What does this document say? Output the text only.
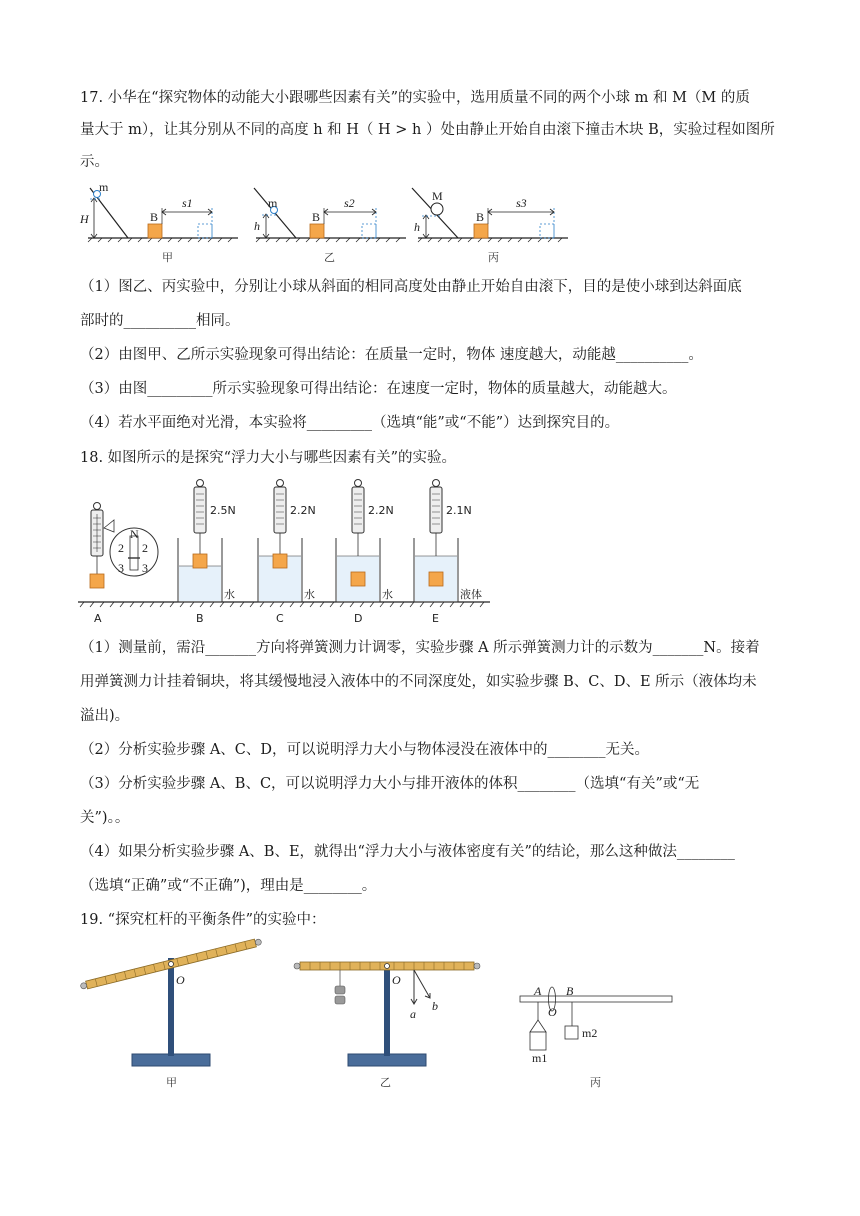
17. 小华在“探究物体的动能大小跟哪些因素有关”的实验中，选用质量不同的两个小球 m 和 M（M 的质
量大于 m），让其分别从不同的高度 h 和 H（ H > h ）处由静止开始自由滚下撞击木块 B，实验过程如图所
示。
m
H	B
s1
甲
m
h
B
s2
乙
M
h
B
s3
丙
（1）图乙、丙实验中，分别让小球从斜面的相同高度处由静止开始自由滚下，目的是使小球到达斜面底
部时的__________相同。
（2）由图甲、乙所示实验现象可得出结论：在质量一定时，物体 速度越大，动能越__________。
（3）由图_________所示实验现象可得出结论：在速度一定时，物体的质量越大，动能越大。
（4）若水平面绝对光滑，本实验将_________（选填“能”或“不能”）达到探究目的。
18. 如图所示的是探究“浮力大小与哪些因素有关”的实验。
N
2 2
3 3
A
2.5N
水
B
2.2N
水
C
2.2N
水
D
2.1N
液体
E
（1）测量前，需沿_______方向将弹簧测力计调零，实验步骤 A 所示弹簧测力计的示数为_______N。接着
用弹簧测力计挂着铜块，将其缓慢地浸入液体中的不同深度处，如实验步骤 B、C、D、E 所示（液体均未
溢出)。
（2）分析实验步骤 A、C、D，可以说明浮力大小与物体浸没在液体中的________无关。
（3）分析实验步骤 A、B、C，可以说明浮力大小与排开液体的体积________（选填“有关”或“无
关”)。。
（4）如果分析实验步骤 A、B、E，就得出“浮力大小与液体密度有关”的结论，那么这种做法________
（选填“正确”或“不正确”)，理由是________。
19. “探究杠杆的平衡条件”的实验中：
O
甲
O
a
b
乙
A B
O
m1
m2
丙
